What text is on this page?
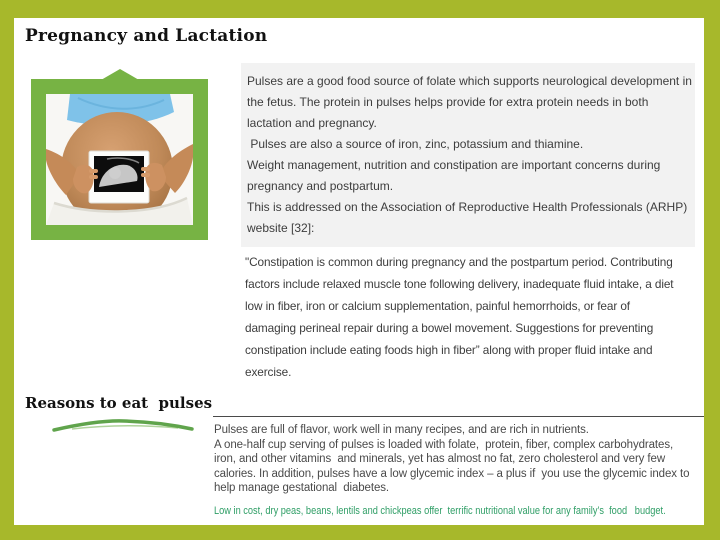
Pregnancy and Lactation
Pulses are a good food source of folate which supports neurological development in
the fetus. The protein in pulses helps provide for extra protein needs in both
lactation and pregnancy.
Pulses are also a source of iron, zinc, potassium and thiamine.
Weight management, nutrition and constipation are important concerns during
pregnancy and postpartum.
This is addressed on the Association of Reproductive Health Professionals (ARHP)
website [32]:
"Constipation is common during pregnancy and the postpartum period. Contributing
factors include relaxed muscle tone following delivery, inadequate fluid intake, a diet
low in fiber, iron or calcium supplementation, painful hemorrhoids, or fear of
damaging perineal repair during a bowel movement. Suggestions for preventing
constipation include eating foods high in fiber” along with proper fluid intake and
exercise.
Reasons to eat  pulses
Pulses are full of flavor, work well in many recipes, and are rich in nutrients.
A one-half cup serving of pulses is loaded with folate,  protein, fiber, complex carbohydrates,
iron, and other vitamins  and minerals, yet has almost no fat, zero cholesterol and very few
calories. In addition, pulses have a low glycemic index – a plus if  you use the glycemic index to
help manage gestational  diabetes.
Low in cost, dry peas, beans, lentils and chickpeas offer  terrific nutritional value for any family’s  food   budget.
